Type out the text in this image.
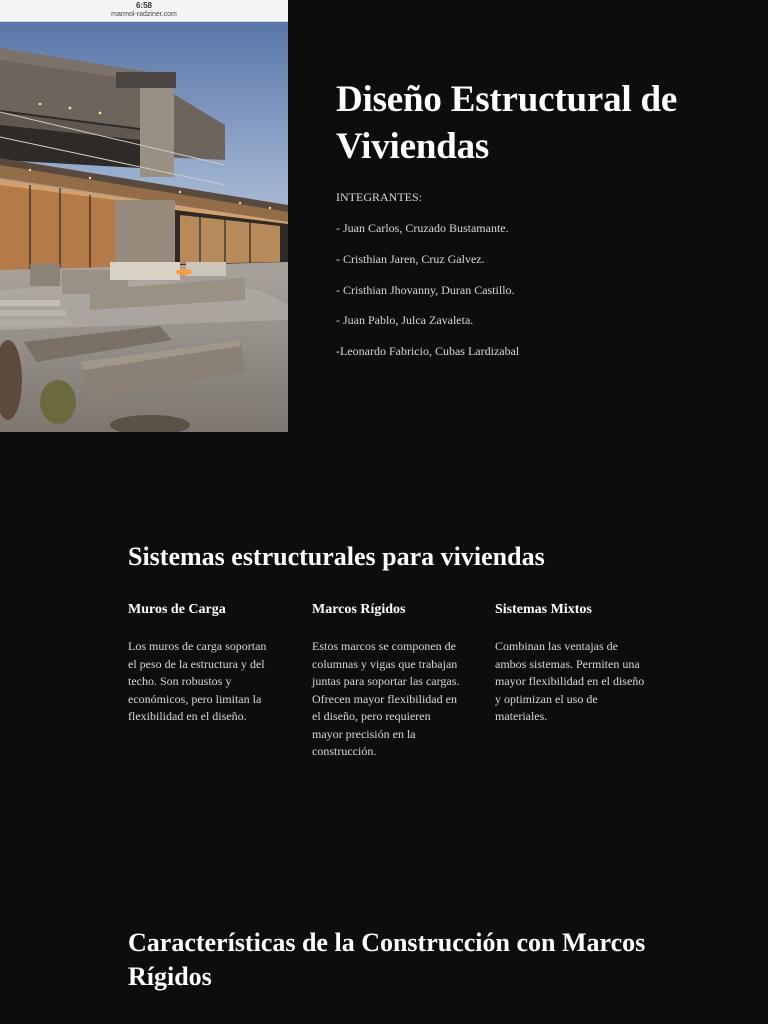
6:58
marmol-radziner.com
Diseño Estructural de Viviendas

INTEGRANTES:

- Juan Carlos, Cruzado Bustamante.

- Cristhian Jaren, Cruz Galvez.

- Cristhian Jhovanny, Duran Castillo.

- Juan Pablo, Julca Zavaleta.

-Leonardo Fabricio, Cubas Lardizabal

Sistemas estructurales para viviendas
Muros de Carga

Los muros de carga soportan el peso de la estructura y del techo. Son robustos y económicos, pero limitan la flexibilidad en el diseño.

Marcos Rígidos

Estos marcos se componen de columnas y vigas que trabajan juntas para soportar las cargas. Ofrecen mayor flexibilidad en el diseño, pero requieren mayor precisión en la construcción.

Sistemas Mixtos

Combinan las ventajas de ambos sistemas. Permiten una mayor flexibilidad en el diseño y optimizan el uso de materiales.

Características de la Construcción con Marcos Rígidos
